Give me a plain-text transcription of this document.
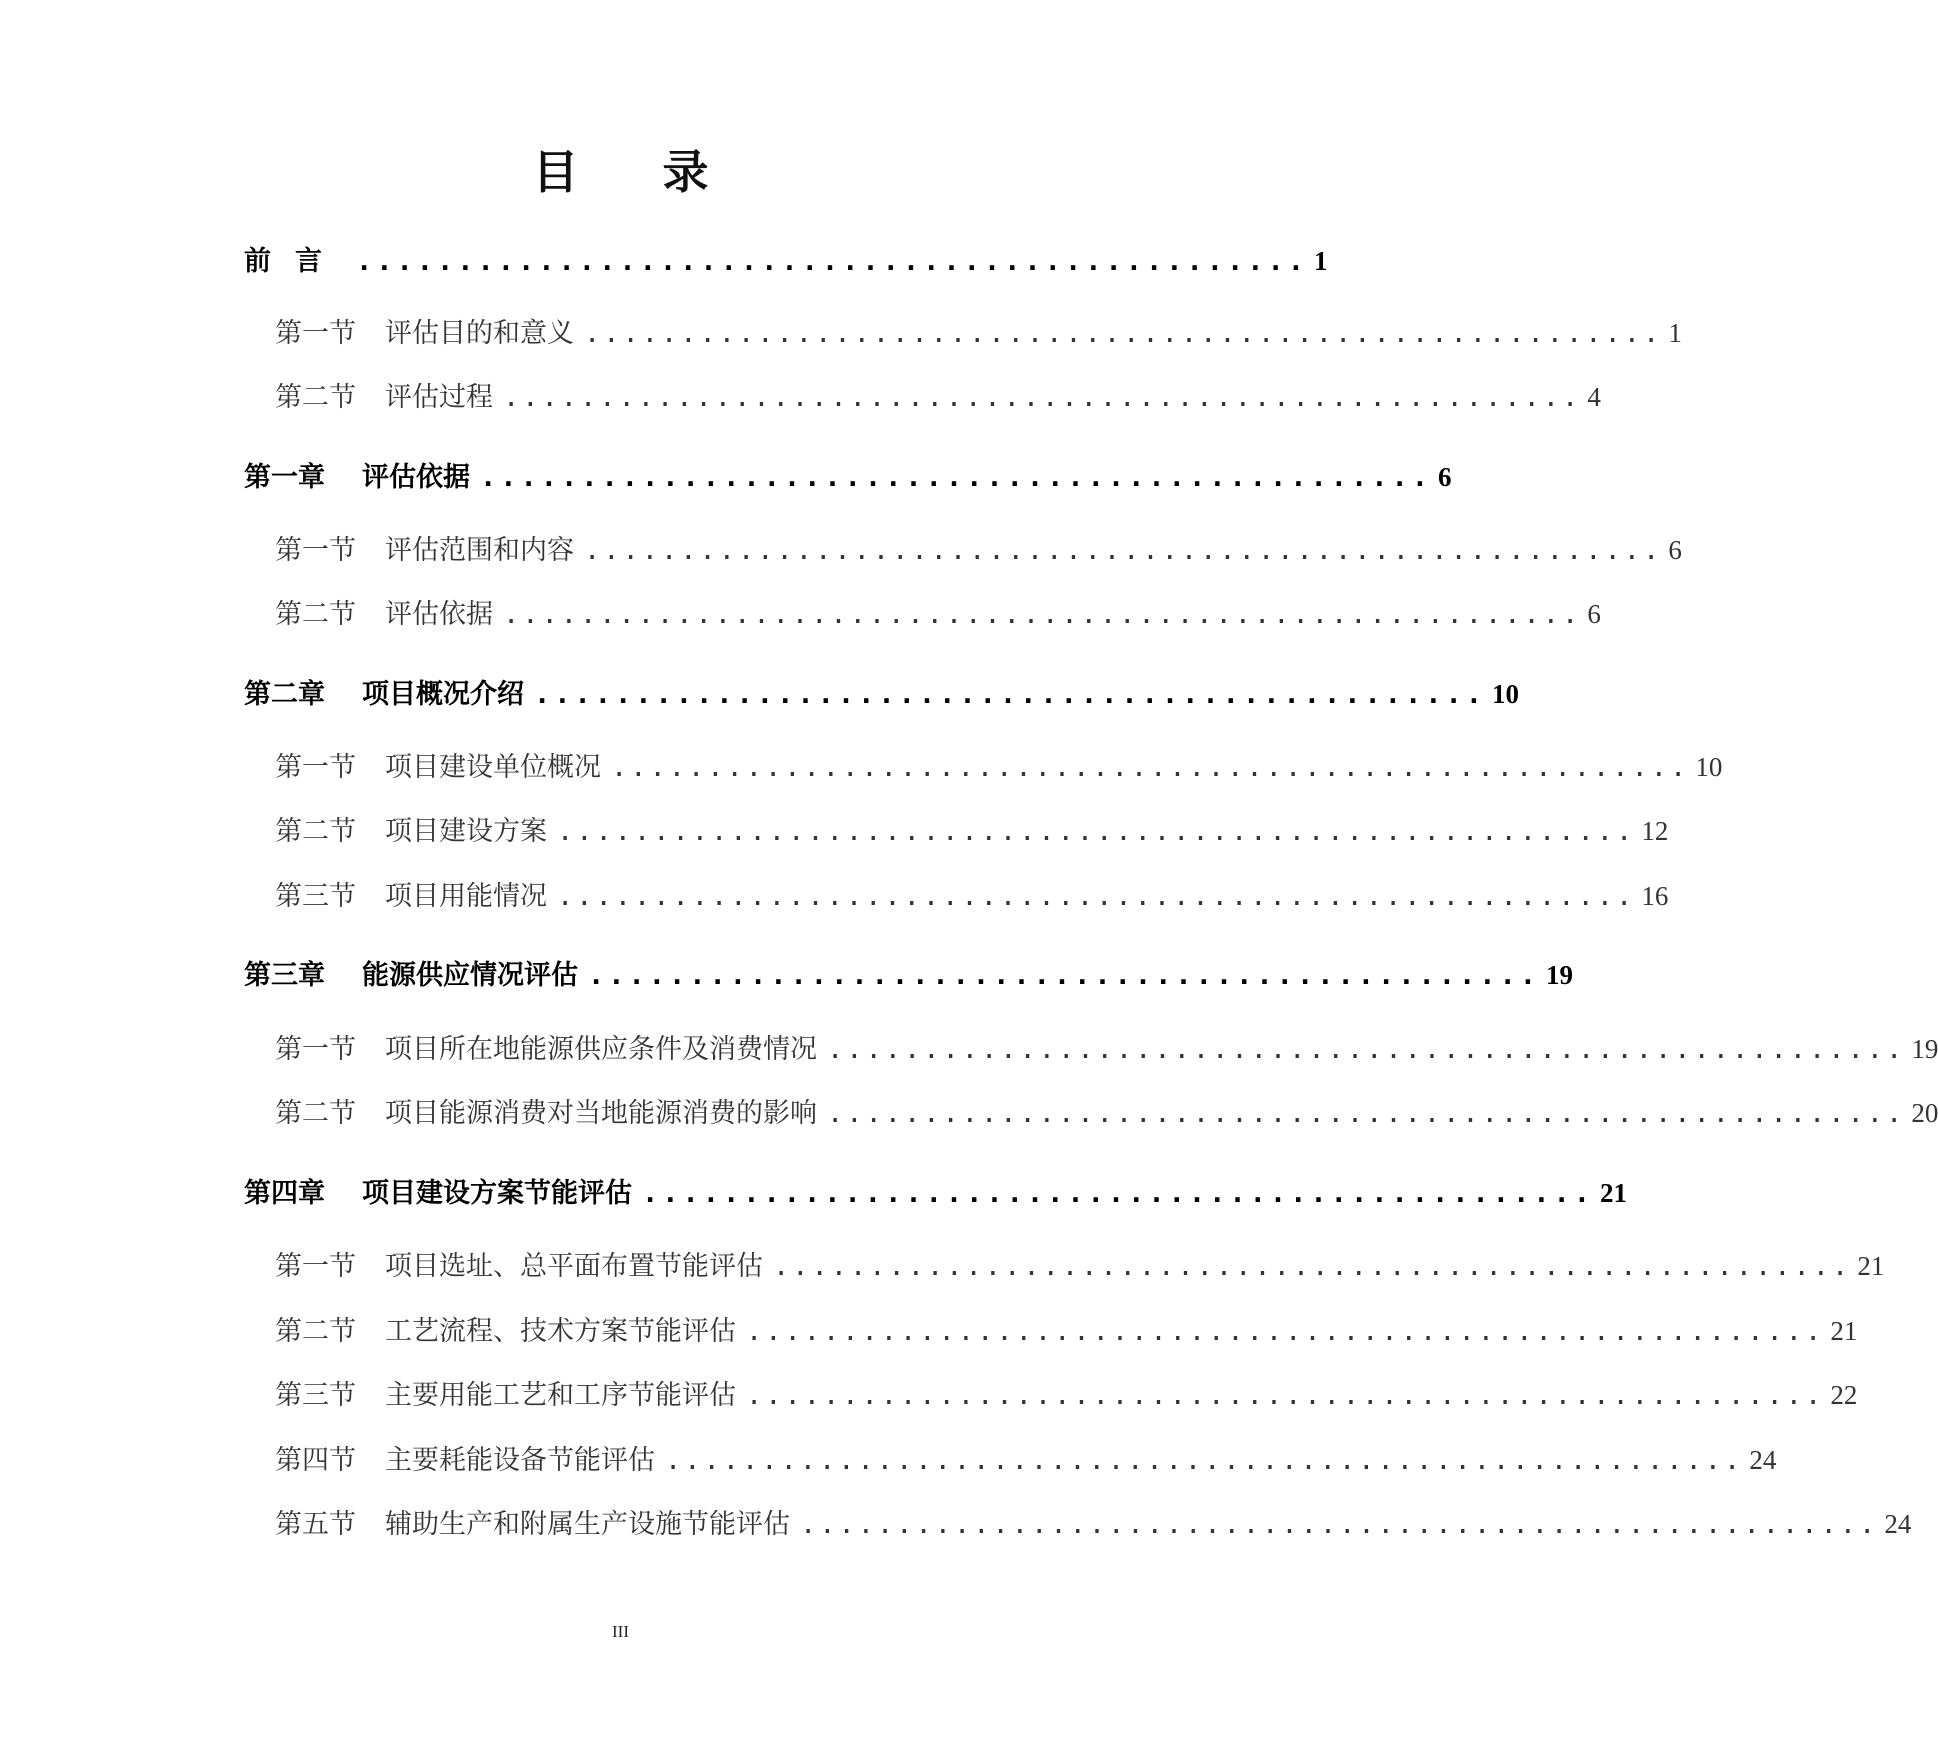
目 录
前言 ............................................... 1
第一节	评估目的和意义 ........................................................ 1
第二节	评估过程 ........................................................ 4
第一章	评估依据 ............................................... 6
第一节	评估范围和内容 ........................................................ 6
第二节	评估依据 ........................................................ 6
第二章	项目概况介绍 ............................................... 10
第一节	项目建设单位概况 ........................................................ 10
第二节	项目建设方案 ........................................................ 12
第三节	项目用能情况 ........................................................ 16
第三章	能源供应情况评估 ............................................... 19
第一节	项目所在地能源供应条件及消费情况 ........................................................ 19
第二节	项目能源消费对当地能源消费的影响 ........................................................ 20
第四章	项目建设方案节能评估 ............................................... 21
第一节	项目选址、总平面布置节能评估 ........................................................ 21
第二节	工艺流程、技术方案节能评估 ........................................................ 21
第三节	主要用能工艺和工序节能评估 ........................................................ 22
第四节	主要耗能设备节能评估 ........................................................ 24
第五节	辅助生产和附属生产设施节能评估 ........................................................ 24
III
